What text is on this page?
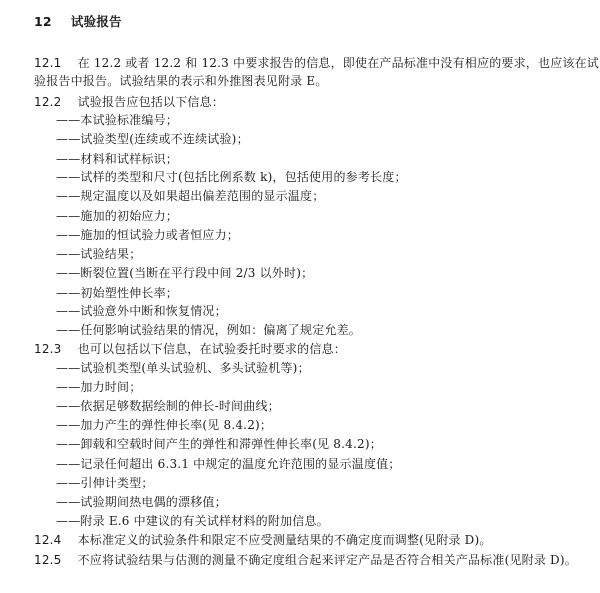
12 试验报告
12.1 在 12.2 或者 12.2 和 12.3 中要求报告的信息，即使在产品标准中没有相应的要求，也应该在试
验报告中报告。试验结果的表示和外推图表见附录 E。
12.2 试验报告应包括以下信息：
——本试验标准编号；
——试验类型(连续或不连续试验)；
——材料和试样标识；
——试样的类型和尺寸(包括比例系数 k)，包括使用的参考长度；
——规定温度以及如果超出偏差范围的显示温度；
——施加的初始应力；
——施加的恒试验力或者恒应力；
——试验结果；
——断裂位置(当断在平行段中间 2/3 以外时)；
——初始塑性伸长率；
——试验意外中断和恢复情况；
——任何影响试验结果的情况，例如：偏离了规定允差。
12.3 也可以包括以下信息，在试验委托时要求的信息：
——试验机类型(单头试验机、多头试验机等)；
——加力时间；
——依据足够数据绘制的伸长-时间曲线；
——加力产生的弹性伸长率(见 8.4.2)；
——卸载和空载时间产生的弹性和滞弹性伸长率(见 8.4.2)；
——记录任何超出 6.3.1 中规定的温度允许范围的显示温度值；
——引伸计类型；
——试验期间热电偶的漂移值；
——附录 E.6 中建议的有关试样材料的附加信息。
12.4 本标准定义的试验条件和限定不应受测量结果的不确定度而调整(见附录 D)。
12.5 不应将试验结果与估测的测量不确定度组合起来评定产品是否符合相关产品标准(见附录 D)。
